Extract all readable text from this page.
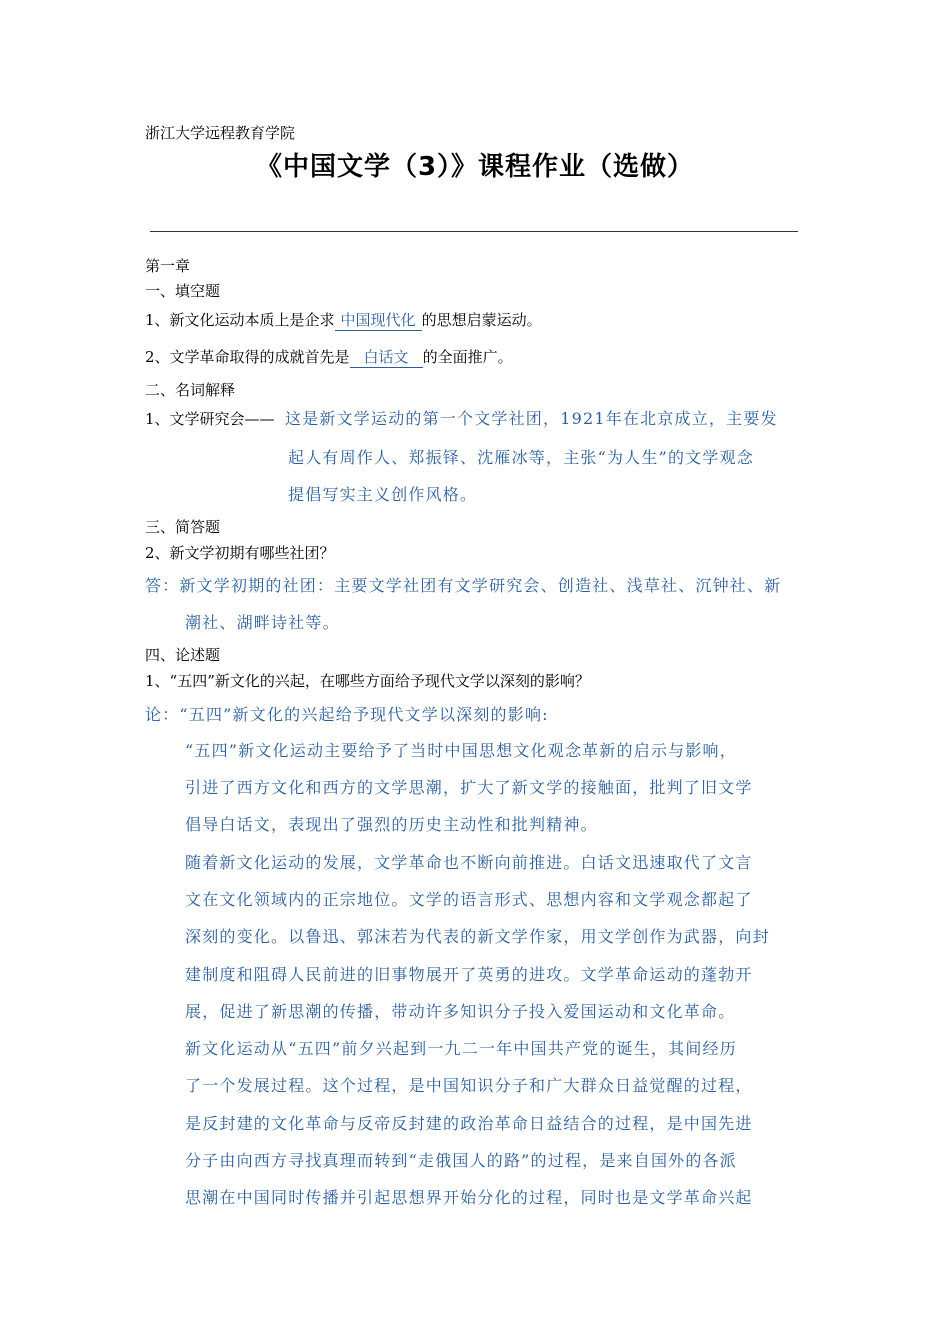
浙江大学远程教育学院
《中国文学（3）》课程作业（选做）
第一章
一、填空题
1、新文化运动本质上是企求 中国现代化 的思想启蒙运动。
2、文学革命取得的成就首先是 白话文 的全面推广。
二、名词解释
1、文学研究会—— 这是新文学运动的第一个文学社团，1921年在北京成立，主要发
起人有周作人、郑振铎、沈雁冰等，主张“为人生”的文学观念
提倡写实主义创作风格。
三、简答题
2、新文学初期有哪些社团？
答：新文学初期的社团：主要文学社团有文学研究会、创造社、浅草社、沉钟社、新
潮社、湖畔诗社等。
四、论述题
1、“五四”新文化的兴起，在哪些方面给予现代文学以深刻的影响？
论：“五四”新文化的兴起给予现代文学以深刻的影响:
“五四”新文化运动主要给予了当时中国思想文化观念革新的启示与影响，
引进了西方文化和西方的文学思潮，扩大了新文学的接触面，批判了旧文学
倡导白话文，表现出了强烈的历史主动性和批判精神。
随着新文化运动的发展，文学革命也不断向前推进。白话文迅速取代了文言
文在文化领域内的正宗地位。文学的语言形式、思想内容和文学观念都起了
深刻的变化。以鲁迅、郭沫若为代表的新文学作家，用文学创作为武器，向封
建制度和阻碍人民前进的旧事物展开了英勇的进攻。文学革命运动的蓬勃开
展，促进了新思潮的传播，带动许多知识分子投入爱国运动和文化革命。
新文化运动从“五四”前夕兴起到一九二一年中国共产党的诞生，其间经历
了一个发展过程。这个过程，是中国知识分子和广大群众日益觉醒的过程，
是反封建的文化革命与反帝反封建的政治革命日益结合的过程，是中国先进
分子由向西方寻找真理而转到“走俄国人的路”的过程，是来自国外的各派
思潮在中国同时传播并引起思想界开始分化的过程，同时也是文学革命兴起
